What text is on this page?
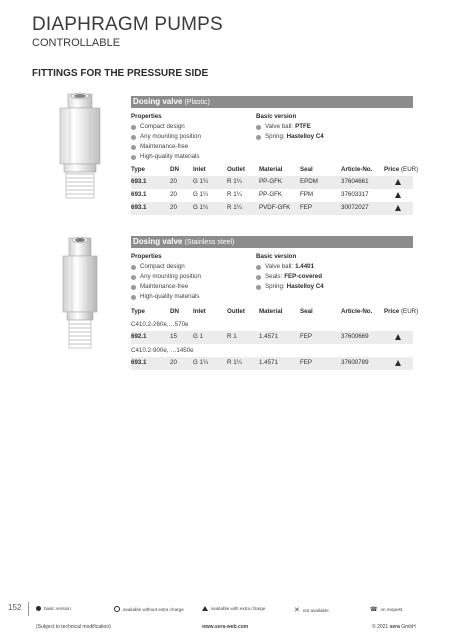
DIAPHRAGM PUMPS
CONTROLLABLE
FITTINGS FOR THE PRESSURE SIDE
Dosing valve (Plastic)
Properties	Basic version
Compact design
Any mounting position
Maintenance-free
High-quality materials
Valve ball: PTFE
Spring: Hastelloy C4
Type	DN Inlet	Outlet Material	Seal	Article-No. Price (EUR)
693.1	20	G 1¼	R 1¼	PP-GFK	EPDM	37604661
693.1	20	G 1¼	R 1¼	PP-GFK	FPM	37603317
693.1	20	G 1¼	R 1¼	PVDF-GFK FEP	30072027
Dosing valve (Stainless steel)
Properties	Basic version
Compact design
Any mounting position
Maintenance-free
High-quality materials
Valve ball: 1.4401
Seals: FEP-covered
Spring: Hastelloy C4
Type	DN Inlet	Outlet Material	Seal	Article-No. Price (EUR)
C410.2-260e,…570e
692.1	15	G 1	R 1	1.4571	FEP	37600669
C410.2-900e, …1450e
693.1	20	G 1¼	R 1¼	1.4571	FEP	37600789
152	basic version	available without extra charge	available with extra charge	✕ not available	☎ on request
(Subject to technical modification)	www.sera-web.com	© 2021 sera GmbH
